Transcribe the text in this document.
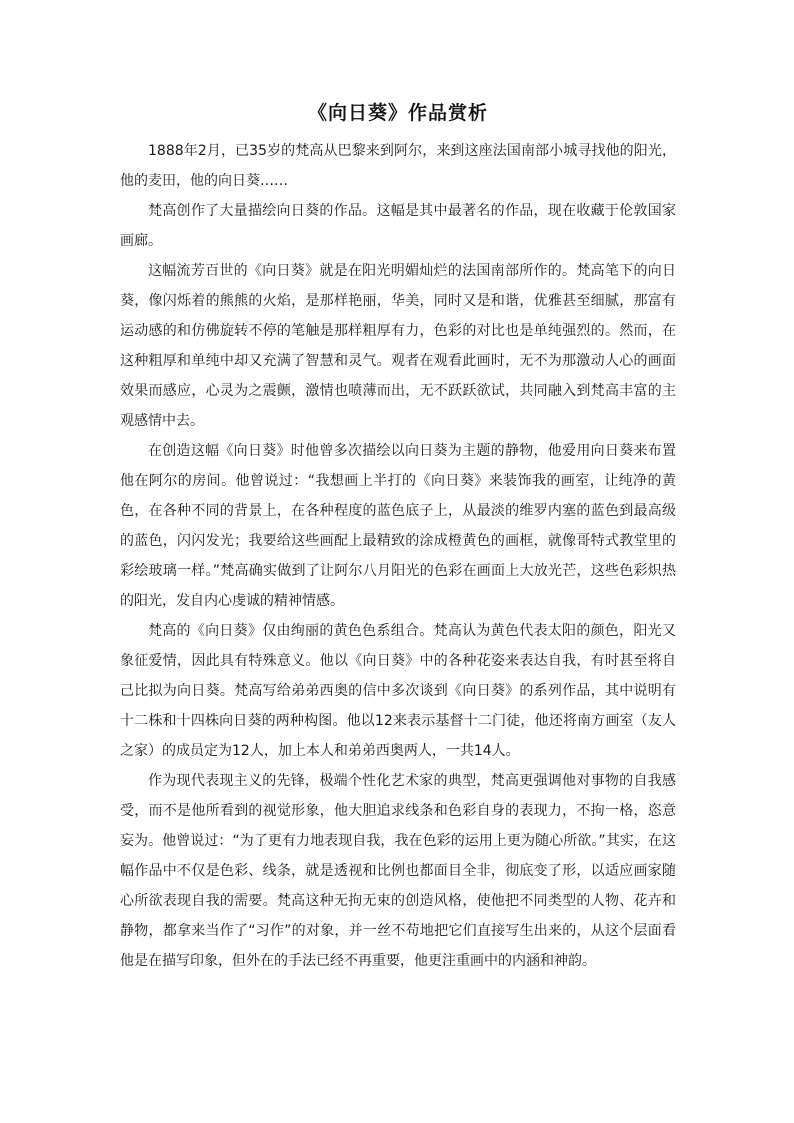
《向日葵》作品赏析

1888年2月，已35岁的梵高从巴黎来到阿尔，来到这座法国南部小城寻找他的阳光，他的麦田，他的向日葵……

梵高创作了大量描绘向日葵的作品。这幅是其中最著名的作品，现在收藏于伦敦国家画廊。

这幅流芳百世的《向日葵》就是在阳光明媚灿烂的法国南部所作的。梵高笔下的向日葵，像闪烁着的熊熊的火焰，是那样艳丽，华美，同时又是和谐，优雅甚至细腻，那富有运动感的和仿佛旋转不停的笔触是那样粗厚有力，色彩的对比也是单纯强烈的。然而，在这种粗厚和单纯中却又充满了智慧和灵气。观者在观看此画时，无不为那激动人心的画面效果而感应，心灵为之震颤，激情也喷薄而出，无不跃跃欲试，共同融入到梵高丰富的主观感情中去。

在创造这幅《向日葵》时他曾多次描绘以向日葵为主题的静物，他爱用向日葵来布置他在阿尔的房间。他曾说过：“我想画上半打的《向日葵》来装饰我的画室，让纯净的黄色，在各种不同的背景上，在各种程度的蓝色底子上，从最淡的维罗内塞的蓝色到最高级的蓝色，闪闪发光；我要给这些画配上最精致的涂成橙黄色的画框，就像哥特式教堂里的彩绘玻璃一样。”梵高确实做到了让阿尔八月阳光的色彩在画面上大放光芒，这些色彩炽热的阳光，发自内心虔诚的精神情感。

梵高的《向日葵》仅由绚丽的黄色色系组合。梵高认为黄色代表太阳的颜色，阳光又象征爱情，因此具有特殊意义。他以《向日葵》中的各种花姿来表达自我，有时甚至将自己比拟为向日葵。梵高写给弟弟西奥的信中多次谈到《向日葵》的系列作品，其中说明有十二株和十四株向日葵的两种构图。他以12来表示基督十二门徒，他还将南方画室（友人之家）的成员定为12人，加上本人和弟弟西奥两人，一共14人。

作为现代表现主义的先锋，极端个性化艺术家的典型，梵高更强调他对事物的自我感受，而不是他所看到的视觉形象，他大胆追求线条和色彩自身的表现力，不拘一格，恣意妄为。他曾说过：“为了更有力地表现自我，我在色彩的运用上更为随心所欲。”其实，在这幅作品中不仅是色彩、线条，就是透视和比例也都面目全非，彻底变了形，以适应画家随心所欲表现自我的需要。梵高这种无拘无束的创造风格，使他把不同类型的人物、花卉和静物，都拿来当作了“习作”的对象，并一丝不苟地把它们直接写生出来的，从这个层面看他是在描写印象，但外在的手法已经不再重要，他更注重画中的内涵和神韵。
